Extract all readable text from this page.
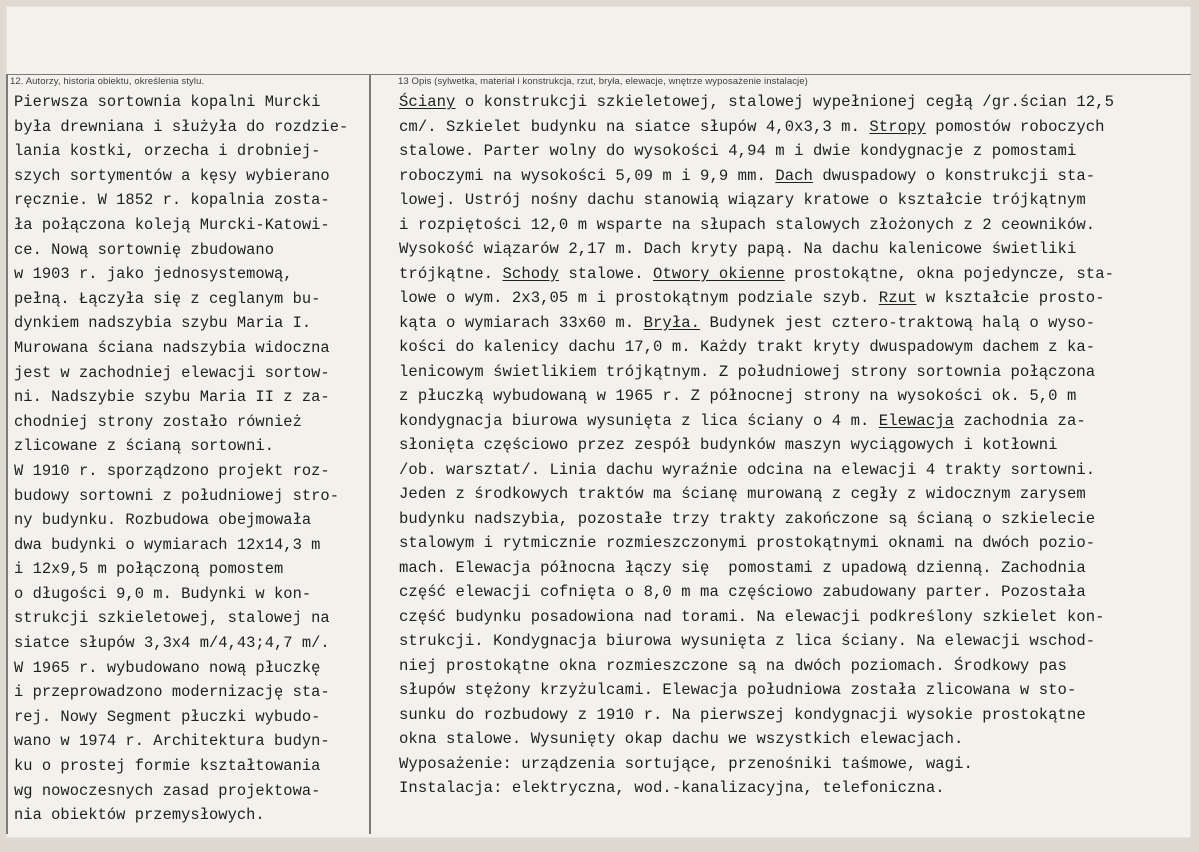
12. Autorzy, historia obiektu, określenia stylu.	13 Opis (sylwetka, materiał i konstrukcja, rzut, bryła, elewacje, wnętrze wyposażenie instalacje)
Pierwsza sortownia kopalni Murcki
była drewniana i służyła do rozdzie-
lania kostki, orzecha i drobniej-
szych sortymentów a kęsy wybierano
ręcznie. W 1852 r. kopalnia zosta-
ła połączona koleją Murcki-Katowi-
ce. Nową sortownię zbudowano
w 1903 r. jako jednosystemową,
pełną. Łączyła się z ceglanym bu-
dynkiem nadszybia szybu Maria I.
Murowana ściana nadszybia widoczna
jest w zachodniej elewacji sortow-
ni. Nadszybie szybu Maria II z za-
chodniej strony zostało również
zlicowane z ścianą sortowni.
W 1910 r. sporządzono projekt roz-
budowy sortowni z południowej stro-
ny budynku. Rozbudowa obejmowała
dwa budynki o wymiarach 12x14,3 m
i 12x9,5 m połączoną pomostem
o długości 9,0 m. Budynki w kon-
strukcji szkieletowej, stalowej na
siatce słupów 3,3x4 m/4,43;4,7 m/.
W 1965 r. wybudowano nową płuczkę
i przeprowadzono modernizację sta-
rej. Nowy Segment płuczki wybudo-
wano w 1974 r. Architektura budyn-
ku o prostej formie kształtowania
wg nowoczesnych zasad projektowa-
nia obiektów przemysłowych.
Ściany o konstrukcji szkieletowej, stalowej wypełnionej cegłą /gr.ścian 12,5
cm/. Szkielet budynku na siatce słupów 4,0x3,3 m. Stropy pomostów roboczych
stalowe. Parter wolny do wysokości 4,94 m i dwie kondygnacje z pomostami
roboczymi na wysokości 5,09 m i 9,9 mm. Dach dwuspadowy o konstrukcji sta-
lowej. Ustrój nośny dachu stanowią wiązary kratowe o kształcie trójkątnym
i rozpiętości 12,0 m wsparte na słupach stalowych złożonych z 2 ceowników.
Wysokość wiązarów 2,17 m. Dach kryty papą. Na dachu kalenicowe świetliki
trójkątne. Schody stalowe. Otwory okienne prostokątne, okna pojedyncze, sta-
lowe o wym. 2x3,05 m i prostokątnym podziale szyb. Rzut w kształcie prosto-
kąta o wymiarach 33x60 m. Bryła. Budynek jest cztero-traktową halą o wyso-
kości do kalenicy dachu 17,0 m. Każdy trakt kryty dwuspadowym dachem z ka-
lenicowym świetlikiem trójkątnym. Z południowej strony sortownia połączona
z płuczką wybudowaną w 1965 r. Z północnej strony na wysokości ok. 5,0 m
kondygnacja biurowa wysunięta z lica ściany o 4 m. Elewacja zachodnia za-
słonięta częściowo przez zespół budynków maszyn wyciągowych i kotłowni
/ob. warsztat/. Linia dachu wyraźnie odcina na elewacji 4 trakty sortowni.
Jeden z środkowych traktów ma ścianę murowaną z cegły z widocznym zarysem
budynku nadszybia, pozostałe trzy trakty zakończone są ścianą o szkielecie
stalowym i rytmicznie rozmieszczonymi prostokątnymi oknami na dwóch pozio-
mach. Elewacja północna łączy się  pomostami z upadową dzienną. Zachodnia
część elewacji cofnięta o 8,0 m ma częściowo zabudowany parter. Pozostała
część budynku posadowiona nad torami. Na elewacji podkreślony szkielet kon-
strukcji. Kondygnacja biurowa wysunięta z lica ściany. Na elewacji wschod-
niej prostokątne okna rozmieszczone są na dwóch poziomach. Środkowy pas
słupów stężony krzyżulcami. Elewacja południowa została zlicowana w sto-
sunku do rozbudowy z 1910 r. Na pierwszej kondygnacji wysokie prostokątne
okna stalowe. Wysunięty okap dachu we wszystkich elewacjach.
Wyposażenie: urządzenia sortujące, przenośniki taśmowe, wagi.
Instalacja: elektryczna, wod.-kanalizacyjna, telefoniczna.
